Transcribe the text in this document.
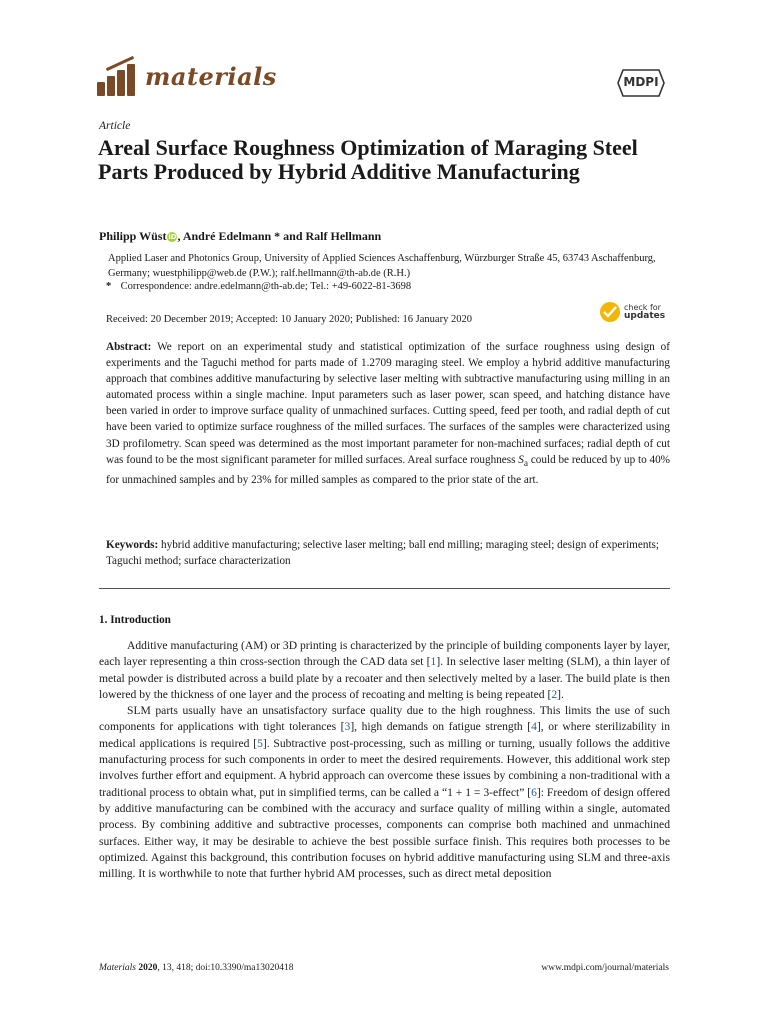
materials	MDPI
Article
Areal Surface Roughness Optimization of Maraging Steel Parts Produced by Hybrid Additive Manufacturing
Philipp Wüst iD, André Edelmann * and Ralf Hellmann
Applied Laser and Photonics Group, University of Applied Sciences Aschaffenburg, Würzburger Straße 45, 63743 Aschaffenburg, Germany; wuestphilipp@web.de (P.W.); ralf.hellmann@th-ab.de (R.H.)
* Correspondence: andre.edelmann@th-ab.de; Tel.: +49-6022-81-3698
Received: 20 December 2019; Accepted: 10 January 2020; Published: 16 January 2020
check for
updates

Abstract: We report on an experimental study and statistical optimization of the surface roughness using design of experiments and the Taguchi method for parts made of 1.2709 maraging steel. We employ a hybrid additive manufacturing approach that combines additive manufacturing by selective laser melting with subtractive manufacturing using milling in an automated process within a single machine. Input parameters such as laser power, scan speed, and hatching distance have been varied in order to improve surface quality of unmachined surfaces. Cutting speed, feed per tooth, and radial depth of cut have been varied to optimize surface roughness of the milled surfaces. The surfaces of the samples were characterized using 3D profilometry. Scan speed was determined as the most important parameter for non-machined surfaces; radial depth of cut was found to be the most significant parameter for milled surfaces. Areal surface roughness $S_a$ could be reduced by up to 40% for unmachined samples and by 23% for milled samples as compared to the prior state of the art.

Keywords: hybrid additive manufacturing; selective laser melting; ball end milling; maraging steel; design of experiments; Taguchi method; surface characterization

1. Introduction

Additive manufacturing (AM) or 3D printing is characterized by the principle of building components layer by layer, each layer representing a thin cross-section through the CAD data set [1]. In selective laser melting (SLM), a thin layer of metal powder is distributed across a build plate by a recoater and then selectively melted by a laser. The build plate is then lowered by the thickness of one layer and the process of recoating and melting is being repeated [2].

SLM parts usually have an unsatisfactory surface quality due to the high roughness. This limits the use of such components for applications with tight tolerances [3], high demands on fatigue strength [4], or where sterilizability in medical applications is required [5]. Subtractive post-processing, such as milling or turning, usually follows the additive manufacturing process for such components in order to meet the desired requirements. However, this additional work step involves further effort and equipment. A hybrid approach can overcome these issues by combining a non-traditional with a traditional process to obtain what, put in simplified terms, can be called a “1 + 1 = 3-effect” [6]: Freedom of design offered by additive manufacturing can be combined with the accuracy and surface quality of milling within a single, automated process. By combining additive and subtractive processes, components can comprise both machined and unmachined surfaces. Either way, it may be desirable to achieve the best possible surface finish. This requires both processes to be optimized. Against this background, this contribution focuses on hybrid additive manufacturing using SLM and three-axis milling. It is worthwhile to note that further hybrid AM processes, such as direct metal deposition

Materials 2020, 13, 418; doi:10.3390/ma13020418	www.mdpi.com/journal/materials
